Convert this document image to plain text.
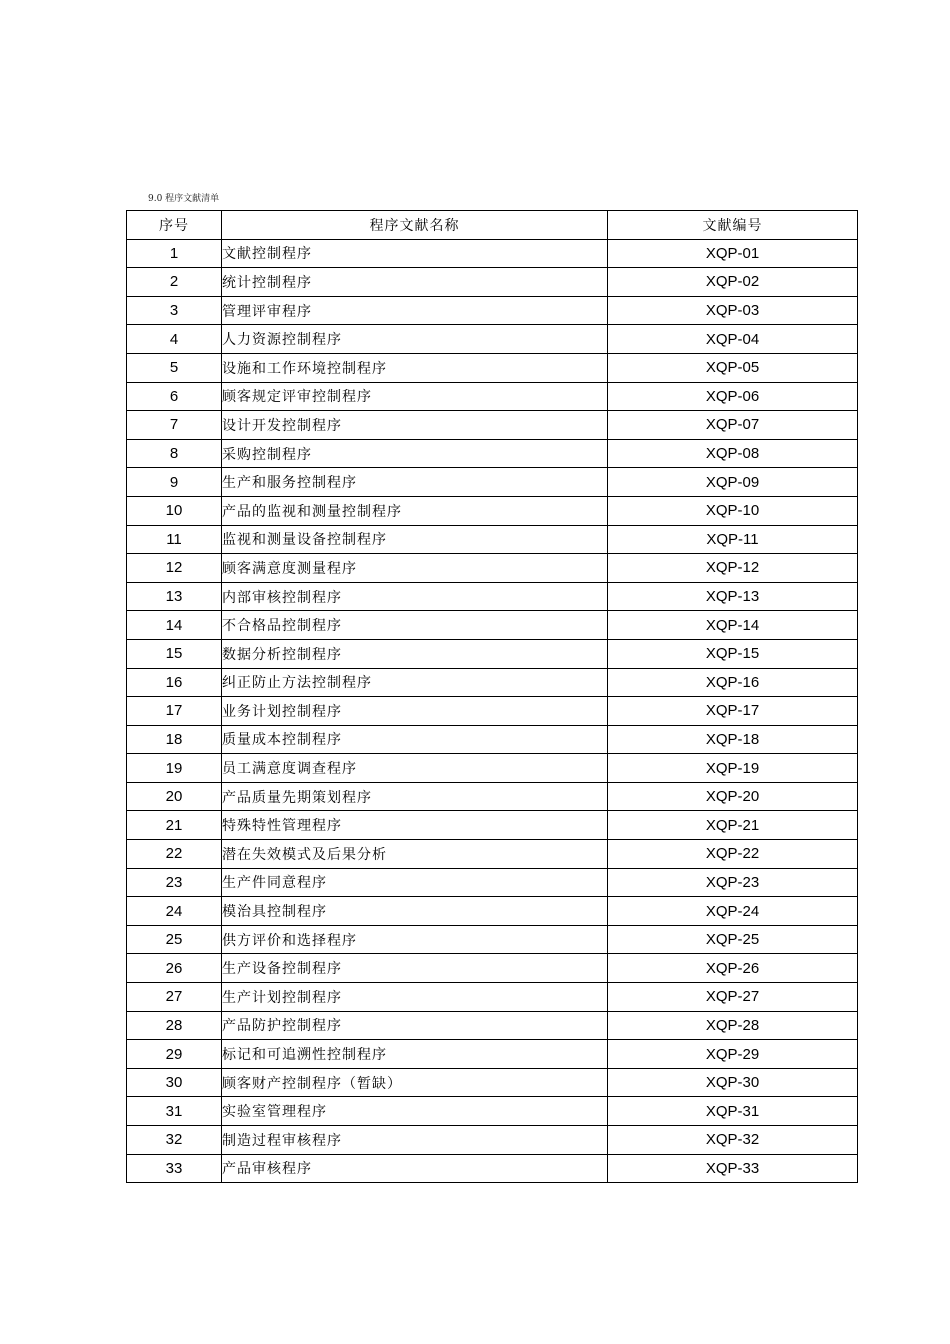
9.0 程序文献清单
序号	程序文献名称	文献编号
1	文献控制程序	XQP-01
2	统计控制程序	XQP-02
3	管理评审程序	XQP-03
4	人力资源控制程序	XQP-04
5	设施和工作环境控制程序	XQP-05
6	顾客规定评审控制程序	XQP-06
7	设计开发控制程序	XQP-07
8	采购控制程序	XQP-08
9	生产和服务控制程序	XQP-09
10	产品的监视和测量控制程序	XQP-10
11	监视和测量设备控制程序	XQP-11
12	顾客满意度测量程序	XQP-12
13	内部审核控制程序	XQP-13
14	不合格品控制程序	XQP-14
15	数据分析控制程序	XQP-15
16	纠正防止方法控制程序	XQP-16
17	业务计划控制程序	XQP-17
18	质量成本控制程序	XQP-18
19	员工满意度调查程序	XQP-19
20	产品质量先期策划程序	XQP-20
21	特殊特性管理程序	XQP-21
22	潜在失效模式及后果分析	XQP-22
23	生产件同意程序	XQP-23
24	模治具控制程序	XQP-24
25	供方评价和选择程序	XQP-25
26	生产设备控制程序	XQP-26
27	生产计划控制程序	XQP-27
28	产品防护控制程序	XQP-28
29	标记和可追溯性控制程序	XQP-29
30	顾客财产控制程序（暂缺）	XQP-30
31	实验室管理程序	XQP-31
32	制造过程审核程序	XQP-32
33	产品审核程序	XQP-33
